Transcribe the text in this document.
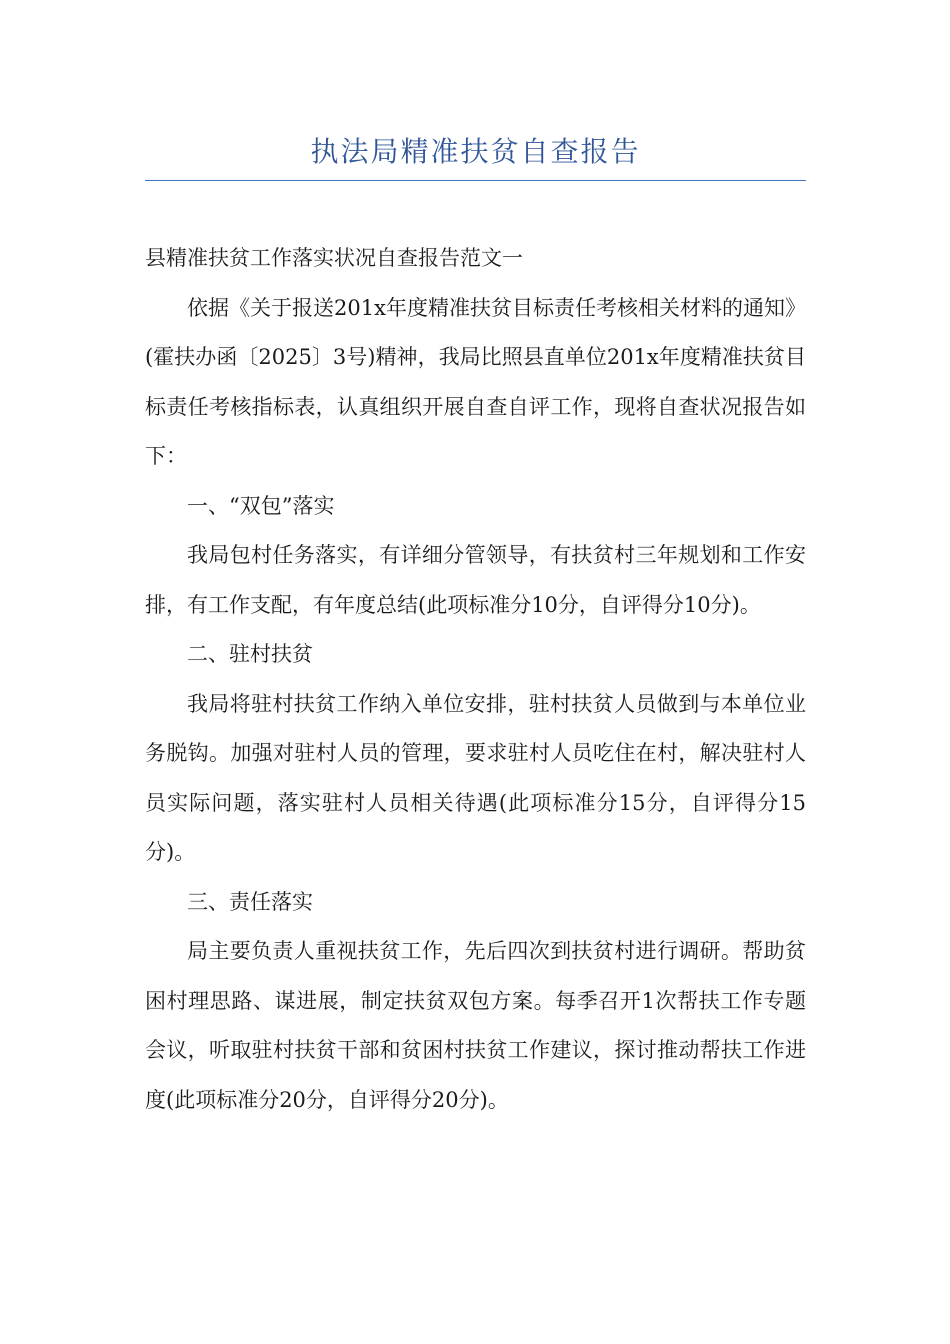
执法局精准扶贫自查报告

县精准扶贫工作落实状况自查报告范文一

依据《关于报送201x年度精准扶贫目标责任考核相关材料的通知》(霍扶办函〔2025〕3号)精神，我局比照县直单位201x年度精准扶贫目标责任考核指标表，认真组织开展自查自评工作，现将自查状况报告如下：

一、“双包”落实

我局包村任务落实，有详细分管领导，有扶贫村三年规划和工作安排，有工作支配，有年度总结(此项标准分10分，自评得分10分)。

二、驻村扶贫

我局将驻村扶贫工作纳入单位安排，驻村扶贫人员做到与本单位业务脱钩。加强对驻村人员的管理，要求驻村人员吃住在村，解决驻村人员实际问题，落实驻村人员相关待遇(此项标准分15分，自评得分15分)。

三、责任落实

局主要负责人重视扶贫工作，先后四次到扶贫村进行调研。帮助贫困村理思路、谋进展，制定扶贫双包方案。每季召开1次帮扶工作专题会议，听取驻村扶贫干部和贫困村扶贫工作建议，探讨推动帮扶工作进度(此项标准分20分，自评得分20分)。
